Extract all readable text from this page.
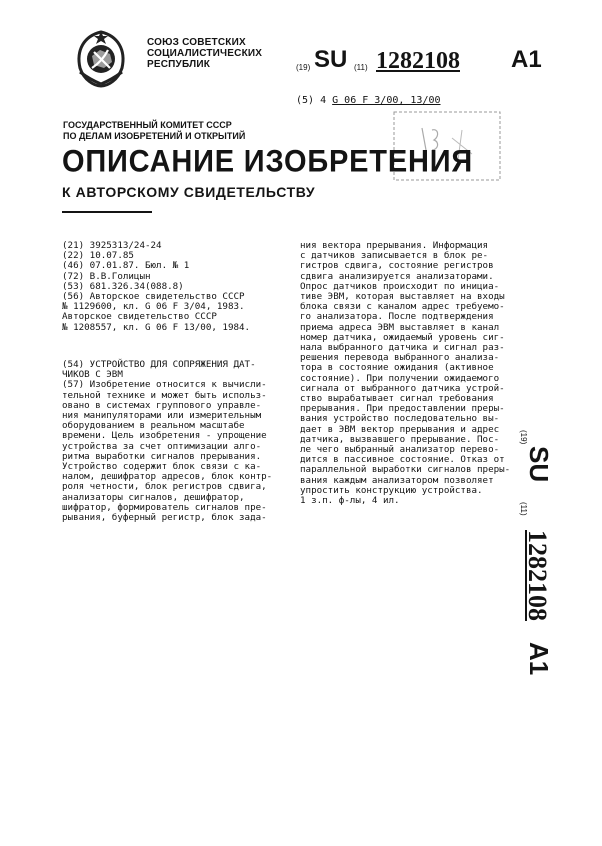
СОЮЗ СОВЕТСКИХ
СОЦИАЛИСТИЧЕСКИХ
РЕСПУБЛИК	(19) SU (11) 1282108 A1
(5) 4 G 06 F 3/00, 13/00
ГОСУДАРСТВЕННЫЙ КОМИТЕТ СССР
ПО ДЕЛАМ ИЗОБРЕТЕНИЙ И ОТКРЫТИЙ
ОПИСАНИЕ ИЗОБРЕТЕНИЯ
К АВТОРСКОМУ СВИДЕТЕЛЬСТВУ
(21) 3925313/24-24
(22) 10.07.85
(46) 07.01.87. Бюл. № 1
(72) В.В.Голицын
(53) 681.326.34(088.8)
(56) Авторское свидетельство СССР
№ 1129600, кл. G 06 F 3/04, 1983.
Авторское свидетельство СССР
№ 1208557, кл. G 06 F 13/00, 1984.
(54) УСТРОЙСТВО ДЛЯ СОПРЯЖЕНИЯ ДАТ-
ЧИКОВ С ЭВМ
(57) Изобретение относится к вычисли-
тельной технике и может быть использ-
овано в системах группового управле-
ния манипуляторами или измерительным
оборудованием в реальном масштабе
времени. Цель изобретения - упрощение
устройства за счет оптимизации алго-
ритма выработки сигналов прерывания.
Устройство содержит блок связи с ка-
налом, дешифратор адресов, блок контр-
роля четности, блок регистров сдвига,
анализаторы сигналов, дешифратор,
шифратор, формирователь сигналов пре-
рывания, буферный регистр, блок зада-
ния вектора прерывания. Информация
с датчиков записывается в блок ре-
гистров сдвига, состояние регистров
сдвига анализируется анализаторами.
Опрос датчиков происходит по инициа-
тиве ЭВМ, которая выставляет на входы
блока связи с каналом адрес требуемо-
го анализатора. После подтверждения
приема адреса ЭВМ выставляет в канал
номер датчика, ожидаемый уровень сиг-
нала выбранного датчика и сигнал раз-
решения перевода выбранного анализа-
тора в состояние ожидания (активное
состояние). При получении ожидаемого
сигнала от выбранного датчика устрой-
ство вырабатывает сигнал требования
прерывания. При предоставлении преры-
вания устройство последовательно вы-
дает в ЭВМ вектор прерывания и адрес
датчика, вызвавшего прерывание. Пос-
ле чего выбранный анализатор перево-
дится в пассивное состояние. Отказ от
параллельной выработки сигналов преры-
вания каждым анализатором позволяет
упростить конструкцию устройства.
1 з.п. ф-лы, 4 ил.
(19)
SU
(11)
1282108
A1
